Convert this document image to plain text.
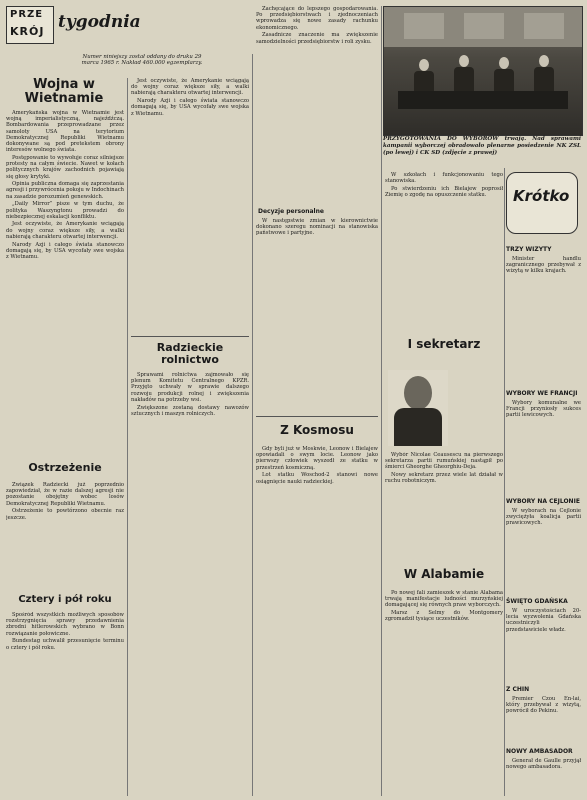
PRZE
KRÓJ tygodnia
Numer niniejszy został oddany do druku 29 marca 1965 r. Nakład 460.000 egzemplarzy.
Wojna w Wietnamie

Amerykańska wojna w Wietnamie jest wojną imperialistyczną, najeźdźczą. Bombardowania przeprowadzane przez samoloty USA na terytorium Demokratycznej Republiki Wietnamu dokonywane są pod pretekstem obrony interesów wolnego świata.

Postępowanie to wywołuje coraz silniejsze protesty na całym świecie. Nawet w kołach politycznych krajów zachodnich pojawiają się głosy krytyki.

Opinia publiczna domaga się zaprzestania agresji i przywrócenia pokoju w Indochinach na zasadzie porozumień genewskich.

„Daily Mirror” pisze w tym duchu, że polityka Waszyngtonu prowadzi do niebezpiecznej eskalacji konfliktu.

Jest oczywiste, że Amerykanie wciągają do wojny coraz większe siły, a walki nabierają charakteru otwartej interwencji.

Narody Azji i całego świata stanowczo domagają się, by USA wycofały swe wojska z Wietnamu.

Ostrzeżenie

Związek Radziecki już poprzednio zapowiedział, że w razie dalszej agresji nie pozostanie obojętny wobec losów Demokratycznej Republiki Wietnamu.

Ostrzeżenie to powtórzono obecnie raz jeszcze.

Cztery i pół roku

Spośród wszystkich możliwych sposobów rozstrzygnięcia sprawy przedawnienia zbrodni hitlerowskich wybrano w Bonn rozwiązanie połowiczne.

Bundestag uchwalił przesunięcie terminu o cztery i pół roku.

Jest oczywiste, że Amerykanie wciągają do wojny coraz większe siły, a walki nabierają charakteru otwartej interwencji.

Narody Azji i całego świata stanowczo domagają się, by USA wycofały swe wojska z Wietnamu.

Radzieckie rolnictwo

Sprawami rolnictwa zajmowało się plenum Komitetu Centralnego KPZR. Przyjęto uchwały w sprawie dalszego rozwoju produkcji rolnej i zwiększenia nakładów na potrzeby wsi.

Zwiększone zostaną dostawy nawozów sztucznych i maszyn rolniczych.

Zachęcające do lepszego gospodarowania. Po przedsiębiorstwach i zjednoczeniach wprowadza się nowe zasady rachunku ekonomicznego.

Zasadnicze znaczenie ma zwiększenie samodzielności przedsiębiorstw i roli zysku.

Decyzje personalne

W następstwie zmian w kierownictwie dokonano szeregu nominacji na stanowiska państwowe i partyjne.

Z Kosmosu

Gdy byli już w Moskwie, Leonow i Bielajew opowiadali o swym locie. Leonow jako pierwszy człowiek wyszedł ze statku w przestrzeń kosmiczną.

Lot statku Woschod-2 stanowi nowe osiągnięcie nauki radzieckiej.

PRZYGOTOWANIA DO WYBORÓW trwają. Nad sprawami kampanii wyborczej obradowało plenarne posiedzenie NK ZSL (po lewej) i CK SD (zdjęcie z prawej)

W szkołach i funkcjonowaniu tego stanowiska.

Po stwierdzeniu ich Bielajew poprosił Ziemię o zgodę na opuszczenie statku.

I sekretarz

Wybór Nicolae Ceausescu na pierwszego sekretarza partii rumuńskiej nastąpił po śmierci Gheorghe Gheorghiu-Deja.

Nowy sekretarz przez wiele lat działał w ruchu robotniczym.

W Alabamie

Po nowej fali zamieszek w stanie Alabama trwają manifestacje ludności murzyńskiej domagającej się równych praw wyborczych.

Marsz z Selmy do Montgomery zgromadził tysiące uczestników.

Krótko
TRZY WIZYTY

Minister handlu zagranicznego przebywał z wizytą w kilku krajach.

WYBORY WE FRANCJI

Wybory komunalne we Francji przyniosły sukces partii lewicowych.

WYBORY NA CEJLONIE

W wyborach na Cejlonie zwyciężyła koalicja partii prawicowych.

ŚWIĘTO GDAŃSKA

W uroczystościach 20-lecia wyzwolenia Gdańska uczestniczyli przedstawiciele władz.

Z CHIN

Premier Czou En-lai, który przebywał z wizytą, powrócił do Pekinu.

NOWY AMBASADOR

Generał de Gaulle przyjął nowego ambasadora.
